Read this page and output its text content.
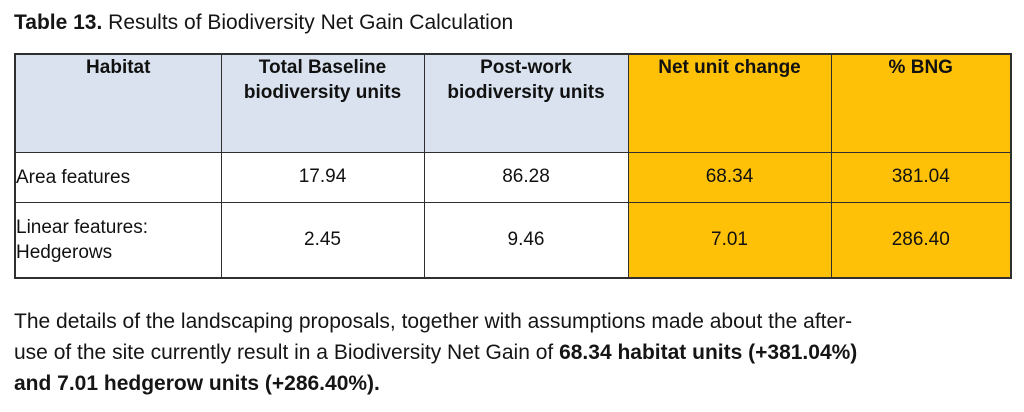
Table 13. Results of Biodiversity Net Gain Calculation

Habitat	Total Baseline biodiversity units	Post-work biodiversity units	Net unit change	% BNG
Area features	17.94	86.28	68.34	381.04
Linear features: Hedgerows	2.45	9.46	7.01	286.40

The details of the landscaping proposals, together with assumptions made about the after-
use of the site currently result in a Biodiversity Net Gain of 68.34 habitat units (+381.04%)
and 7.01 hedgerow units (+286.40%).
